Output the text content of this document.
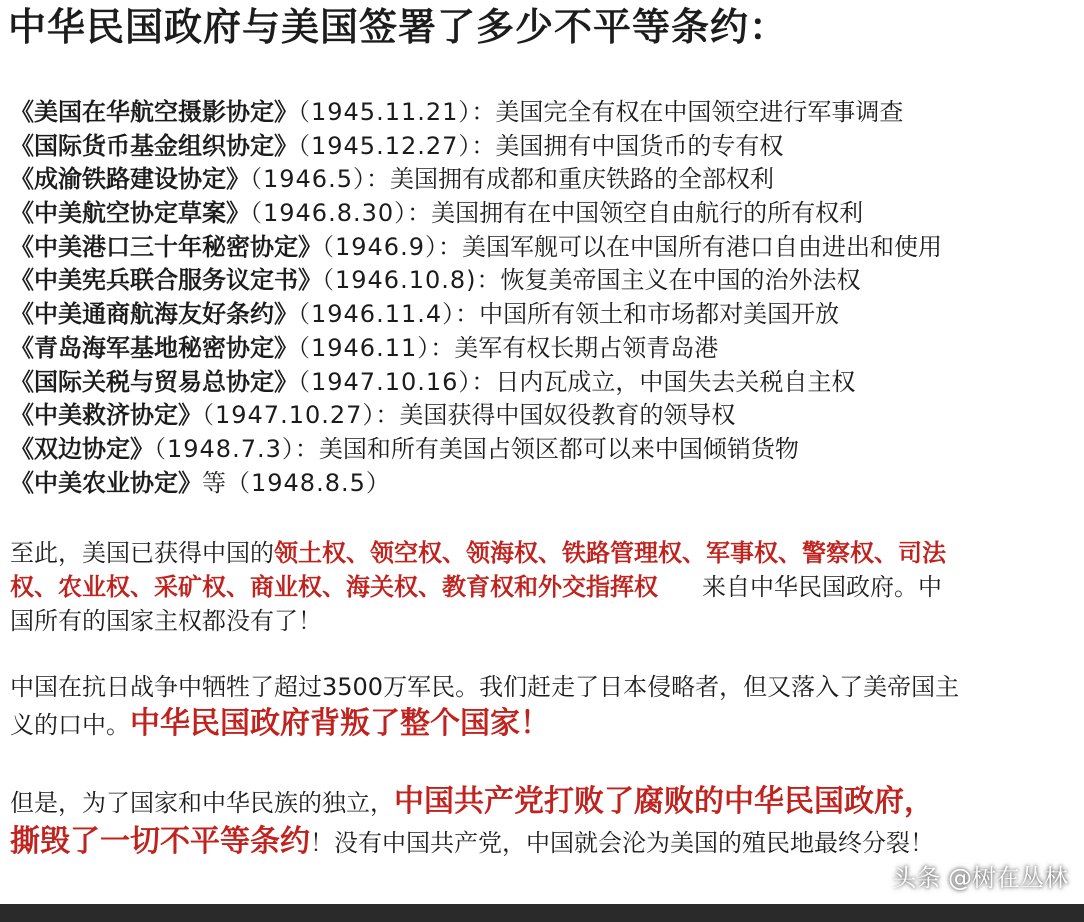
中华民国政府与美国签署了多少不平等条约：
《美国在华航空摄影协定》（1945.11.21）：美国完全有权在中国领空进行军事调查
《国际货币基金组织协定》（1945.12.27）：美国拥有中国货币的专有权
《成渝铁路建设协定》（1946.5）：美国拥有成都和重庆铁路的全部权利
《中美航空协定草案》（1946.8.30）：美国拥有在中国领空自由航行的所有权利
《中美港口三十年秘密协定》（1946.9）：美国军舰可以在中国所有港口自由进出和使用
《中美宪兵联合服务议定书》（1946.10.8)：恢复美帝国主义在中国的治外法权
《中美通商航海友好条约》（1946.11.4）：中国所有领土和市场都对美国开放
《青岛海军基地秘密协定》（1946.11）：美军有权长期占领青岛港
《国际关税与贸易总协定》（1947.10.16）：日内瓦成立，中国失去关税自主权
《中美救济协定》（1947.10.27）：美国获得中国奴役教育的领导权
《双边协定》（1948.7.3）：美国和所有美国占领区都可以来中国倾销货物
《中美农业协定》等（1948.8.5）
至此，美国已获得中国的领土权、领空权、领海权、铁路管理权、军事权、警察权、司法
权、农业权、采矿权、商业权、海关权、教育权和外交指挥权 来自中华民国政府。中
国所有的国家主权都没有了！
中国在抗日战争中牺牲了超过3500万军民。我们赶走了日本侵略者，但又落入了美帝国主
义的口中。中华民国政府背叛了整个国家！
但是，为了国家和中华民族的独立，中国共产党打败了腐败的中华民国政府，
撕毁了一切不平等条约！没有中国共产党，中国就会沦为美国的殖民地最终分裂！
头条 @树在丛林
